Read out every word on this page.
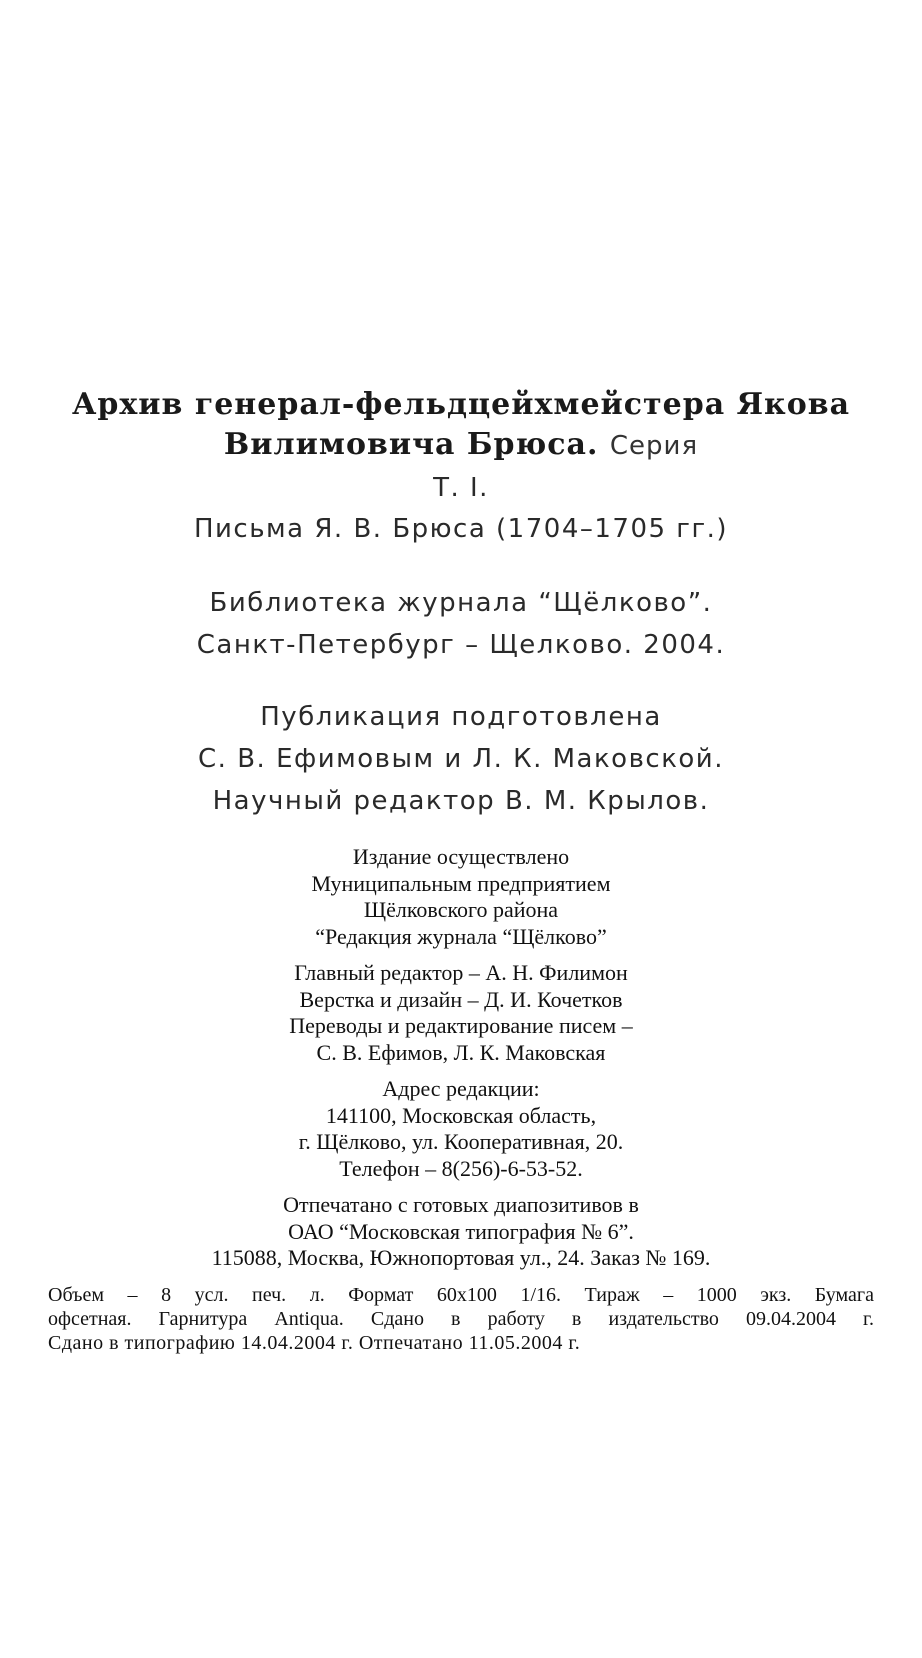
Архив генерал-фельдцейхмейстера Якова
Вилимовича Брюса. Серия
Т. I.
Письма Я. В. Брюса (1704–1705 гг.)
Библиотека журнала “Щёлково”.
Санкт-Петербург – Щелково. 2004.
Публикация подготовлена
С. В. Ефимовым и Л. К. Маковской.
Научный редактор В. М. Крылов.
Издание осуществлено
Муниципальным предприятием
Щёлковского района
“Редакция журнала “Щёлково”
Главный редактор – А. Н. Филимон
Верстка и дизайн – Д. И. Кочетков
Переводы и редактирование писем –
С. В. Ефимов, Л. К. Маковская
Адрес редакции:
141100, Московская область,
г. Щёлково, ул. Кооперативная, 20.
Телефон – 8(256)-6-53-52.
Отпечатано с готовых диапозитивов в
ОАО “Московская типография № 6”.
115088, Москва, Южнопортовая ул., 24. Заказ № 169.
Объем – 8 усл. печ. л. Формат 60x100 1/16. Тираж – 1000 экз. Бумага
офсетная. Гарнитура Antiqua. Сдано в работу в издательство 09.04.2004 г.
Сдано в типографию 14.04.2004 г. Отпечатано 11.05.2004 г.
